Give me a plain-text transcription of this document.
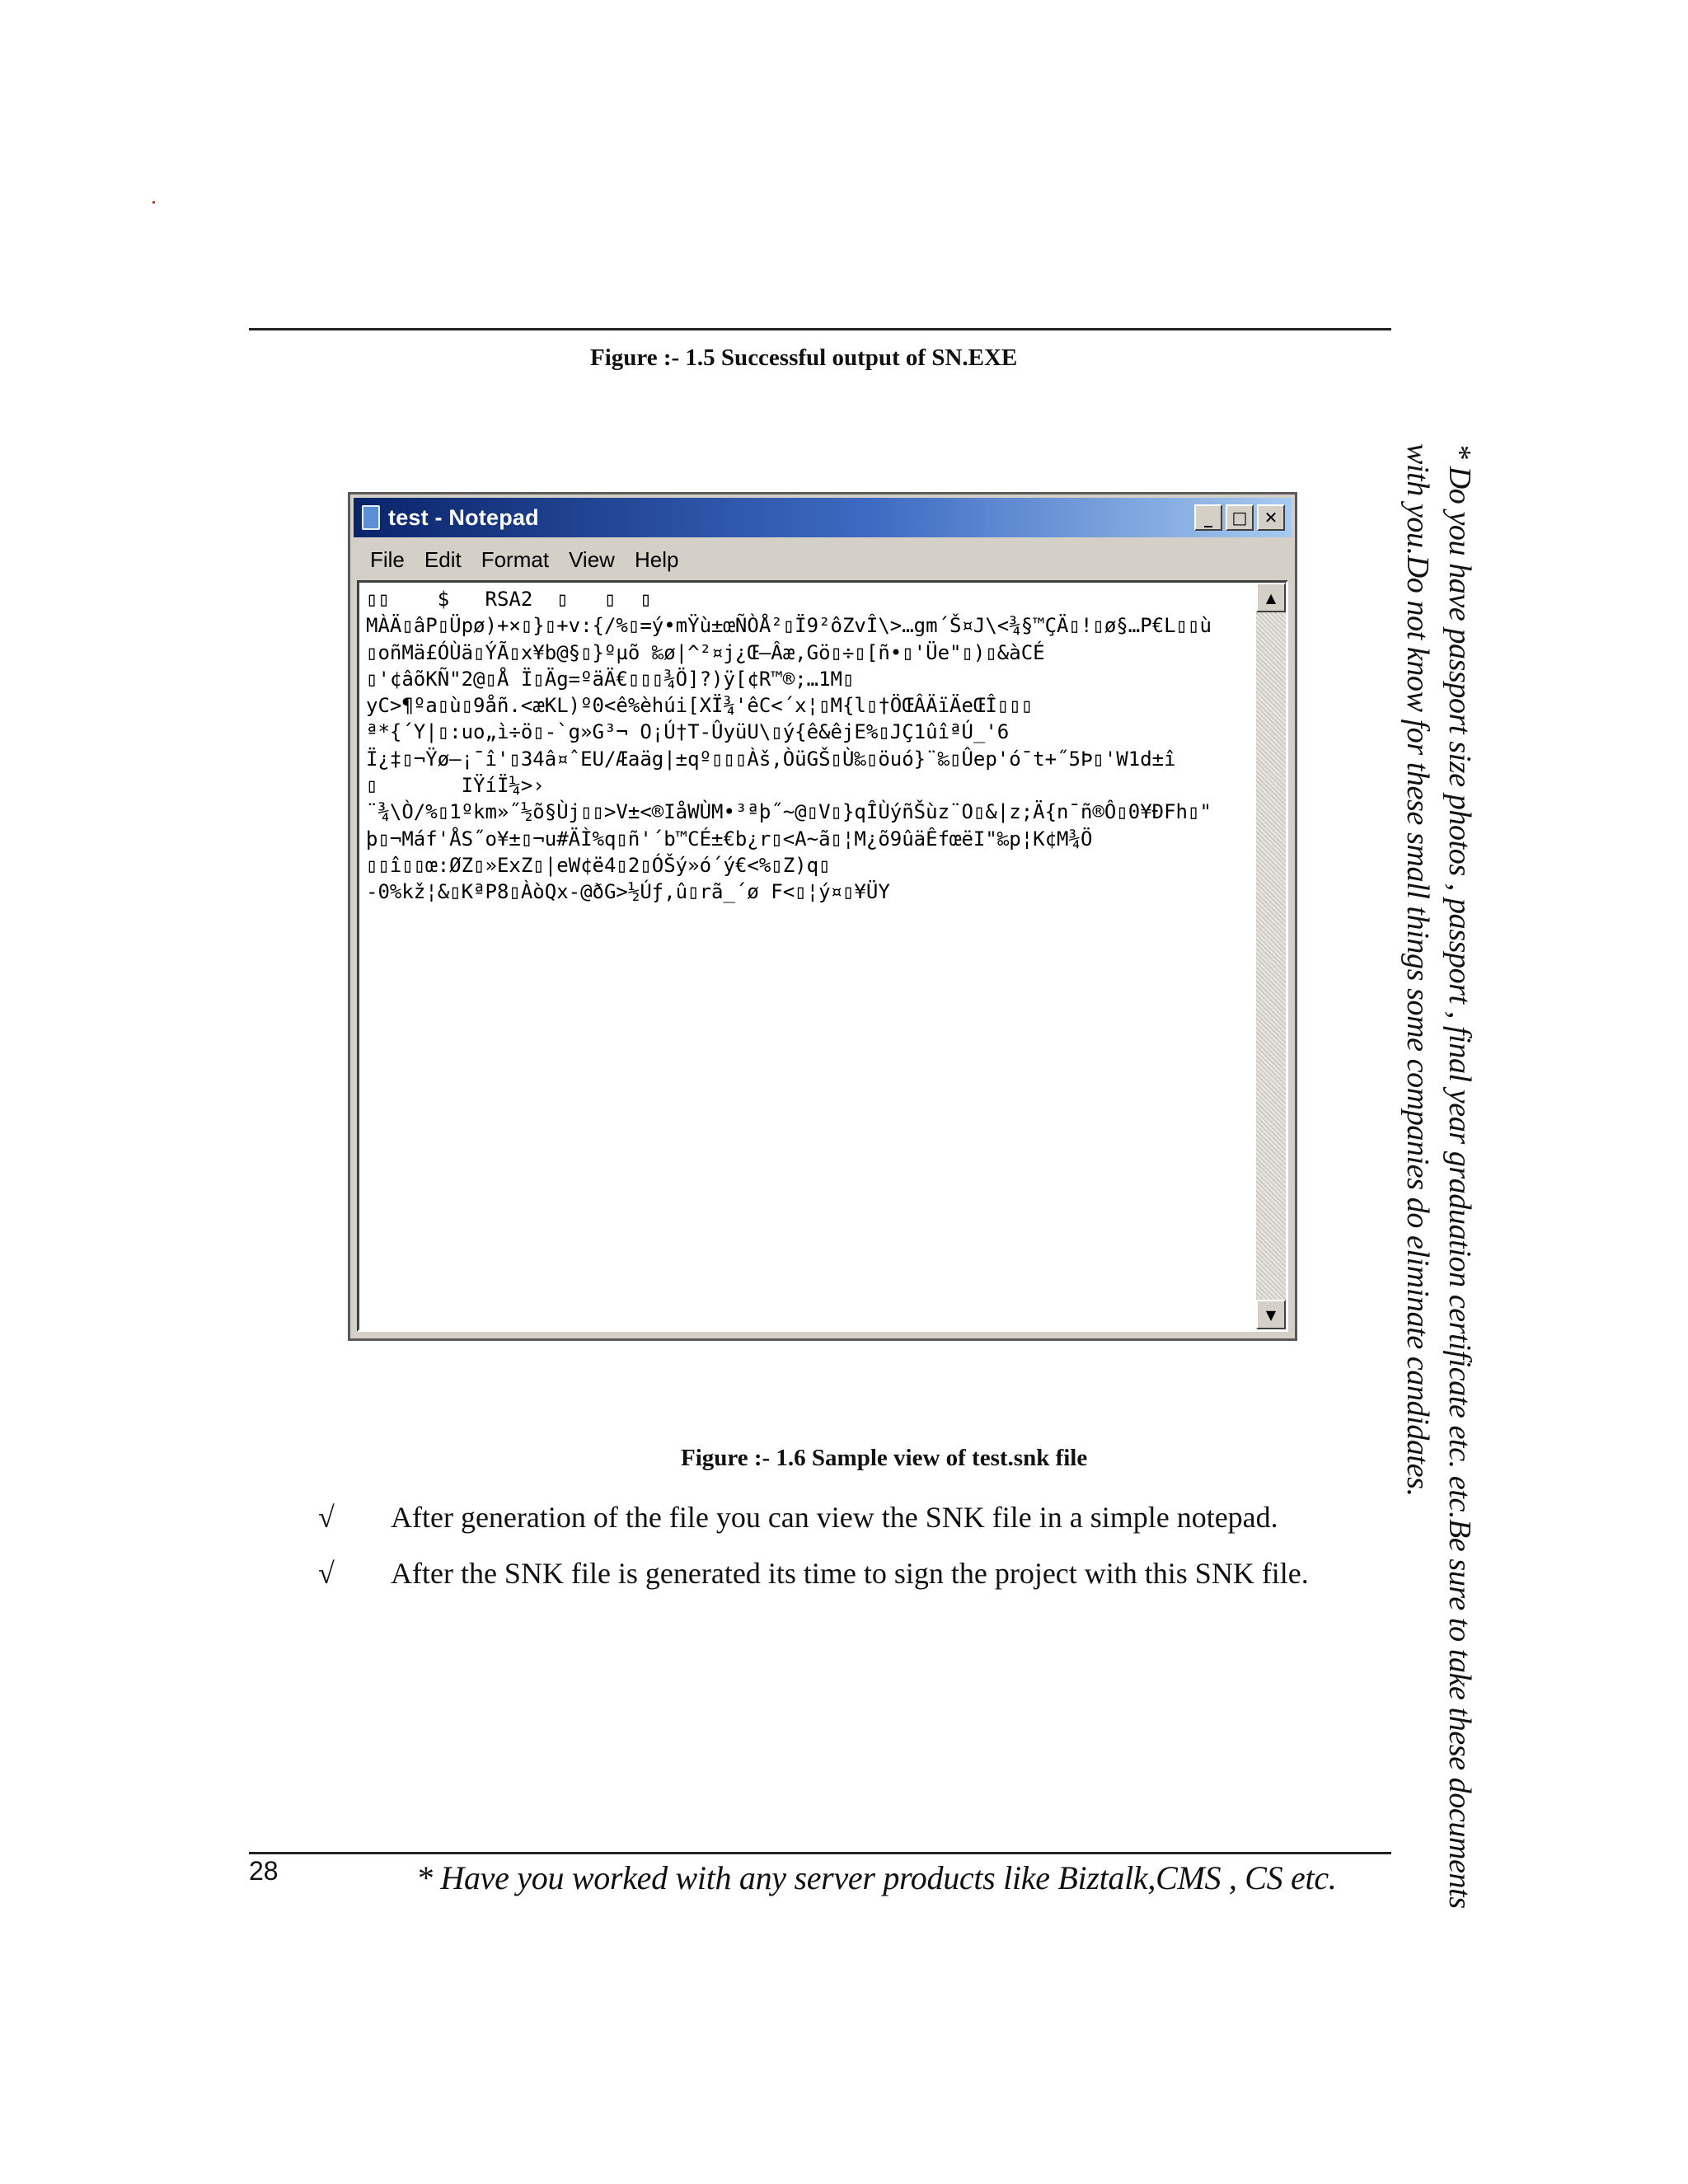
Figure :- 1.5 Successful output of SN.EXE
test - Notepad	_	□	✕
File Edit Format View Help
▯▯    $   RSA2  ▯   ▯  ▯
MÀÄ▯âP▯Üpø)+×▯}▯+v:{/%▯=ý•mŸù±œÑÒÅ²▯Ï9²ôZvÎ\>…gm´Š¤J\<¾§™ÇÄ▯!▯ø§…P€L▯▯ù
▯oñMä£ÓÙä▯ÝÃ▯x¥b@§▯}ºµõ ‰ø|^²¤j¿Œ–Âæ,Gö▯÷▯[ñ•▯'Üe"▯)▯&àCÉ
▯'¢âõKÑ"2@▯Å Ï▯Äg=ºäÄ€▯▯▯¾Ö]?)ÿ[¢R™®;…1M▯
yC>¶ºa▯ù▯9åñ.<æKL)º0<ê%èhúi[XÏ¾'êC<´x¦▯M{l▯†ÖŒÂÄïÄeŒÎ▯▯▯
ª*{´Y|▯:uo„ì÷ö▯-`g»G³¬ O¡Ú†T-ÛyüU\▯ý{ê&êjE%▯JÇ1ûîªÚ_'6
Ï¿‡▯¬Ÿø–¡¯î'▯34â¤ˆEU/Æaäg|±qº▯▯▯Àš,ÒüGŠ▯Ù‰▯öuó}¨‰▯Ûep'ó¯t+˝5Þ▯'W1d±î
▯       IŸíÏ¼>›
¨¾\Ò/%▯1ºkm»˝½õ§Ùj▯▯>V±<®IåWÙM•³ªþ˝~@▯V▯}qÎÙýñŠùz¨O▯&|z;Ä{n¯ñ®Ô▯0¥ÐFh▯"
þ▯¬Máf'ÅS˝o¥±▯¬u#ÄÌ%q▯ñ'´b™CÉ±€b¿r▯<A~ã▯¦M¿õ9ûäÊfœëI"‰p¦K¢M¾Ö
▯▯î▯▯œ:ØZ▯»ExZ▯|eW¢ë4▯2▯ÓŠý»ó´ý€<%▯Z)q▯
-0%kž¦&▯KªP8▯ÀòQx-@ðG>½Úƒ,û▯rã_´ø F<▯¦ý¤▯¥ÜY
▲
▼
Figure :- 1.6 Sample view of test.snk file
√ After generation of the file you can view the SNK file in a simple notepad.
√ After the SNK file is generated its time to sign the project with this SNK file.
28	* Have you worked with any server products like Biztalk,CMS , CS etc.	* Do you have passport size photos , passport , final year graduation certificate etc. etc.Be sure to take these documents
with you.Do not know for these small things some companies do eliminate candidates.
